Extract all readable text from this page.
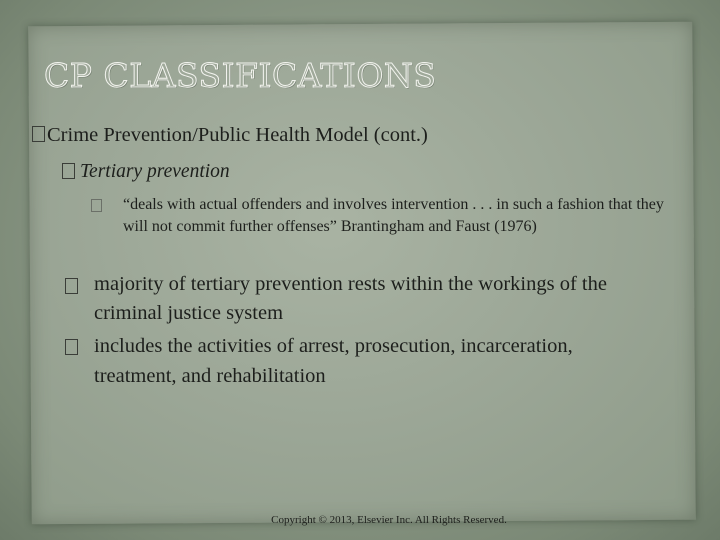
CP CLASSIFICATIONS

Crime Prevention/Public Health Model (cont.)

Tertiary prevention

“deals with actual offenders and involves intervention . . . in such a fashion that they will not commit further offenses” Brantingham and Faust (1976)

majority of tertiary prevention rests within the workings of the criminal justice system

includes the activities of arrest, prosecution, incarceration, treatment, and rehabilitation

Copyright © 2013, Elsevier Inc. All Rights Reserved.
